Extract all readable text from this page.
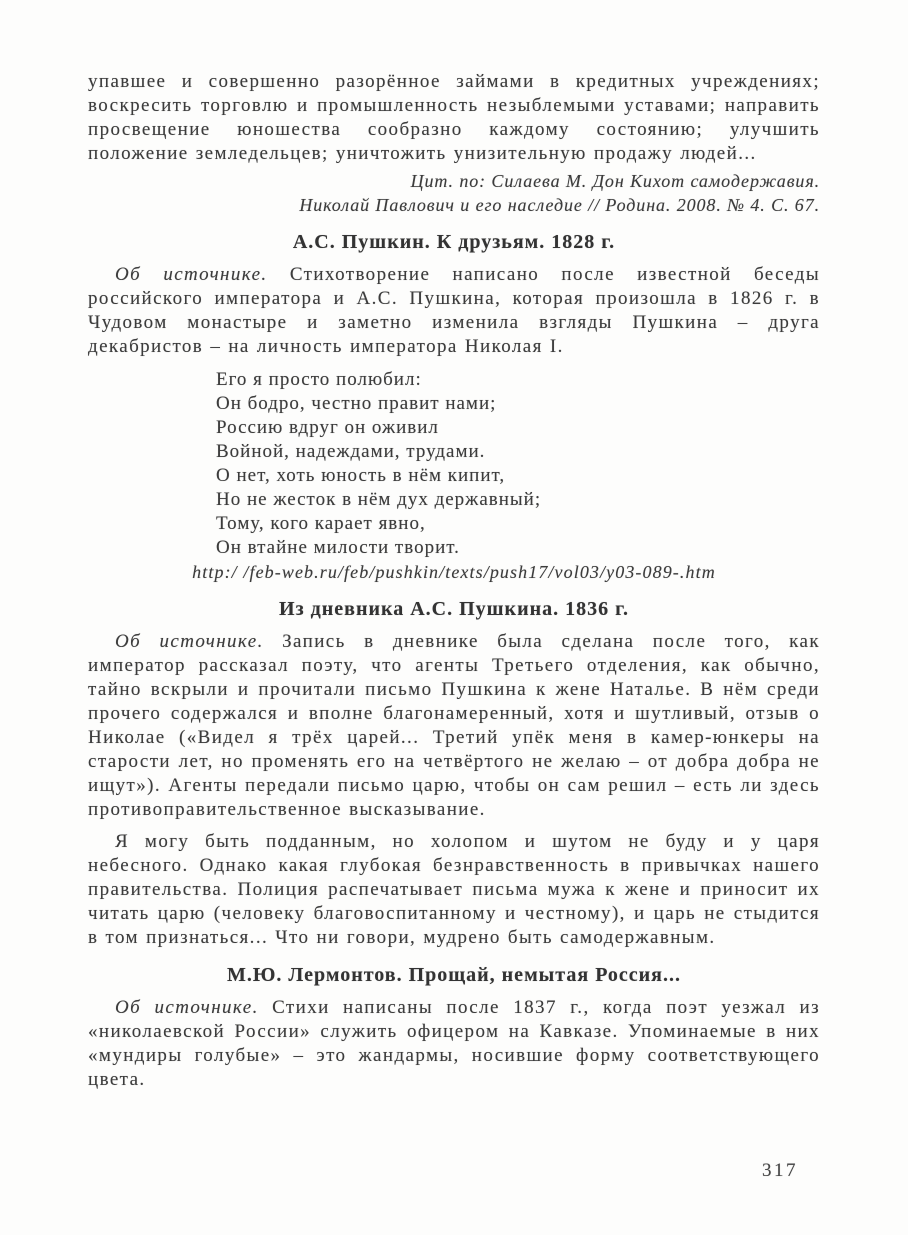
упавшее и совершенно разорённое займами в кредитных учреждениях; воскресить торговлю и промышленность незыблемыми уставами; направить просвещение юношества сообразно каждому состоянию; улучшить положение земледельцев; уничтожить унизительную продажу людей...

Цит. по: Силаева М. Дон Кихот самодержавия.
Николай Павлович и его наследие // Родина. 2008. № 4. С. 67.
А.С. Пушкин. К друзьям. 1828 г.

Об источнике. Стихотворение написано после известной беседы российского императора и А.С. Пушкина, которая произошла в 1826 г. в Чудовом монастыре и заметно изменила взгляды Пушкина – друга декабристов – на личность императора Николая I.

Его я просто полюбил:
Он бодро, честно правит нами;
Россию вдруг он оживил
Войной, надеждами, трудами.
О нет, хоть юность в нём кипит,
Но не жесток в нём дух державный;
Тому, кого карает явно,
Он втайне милости творит.

http:/ /feb-web.ru/feb/pushkin/texts/push17/vol03/y03-089-.htm

Из дневника А.С. Пушкина. 1836 г.

Об источнике. Запись в дневнике была сделана после того, как император рассказал поэту, что агенты Третьего отделения, как обычно, тайно вскрыли и прочитали письмо Пушкина к жене Наталье. В нём среди прочего содержался и вполне благонамеренный, хотя и шутливый, отзыв о Николае («Видел я трёх царей... Третий упёк меня в камер-юнкеры на старости лет, но променять его на четвёртого не желаю – от добра добра не ищут»). Агенты передали письмо царю, чтобы он сам решил – есть ли здесь противоправительственное высказывание.

Я могу быть подданным, но холопом и шутом не буду и у царя небесного. Однако какая глубокая безнравственность в привычках нашего правительства. Полиция распечатывает письма мужа к жене и приносит их читать царю (человеку благовоспитанному и честному), и царь не стыдится в том признаться... Что ни говори, мудрено быть самодержавным.

М.Ю. Лермонтов. Прощай, немытая Россия...

Об источнике. Стихи написаны после 1837 г., когда поэт уезжал из «николаевской России» служить офицером на Кавказе. Упоминаемые в них «мундиры голубые» – это жандармы, носившие форму соответствующего цвета.

317
